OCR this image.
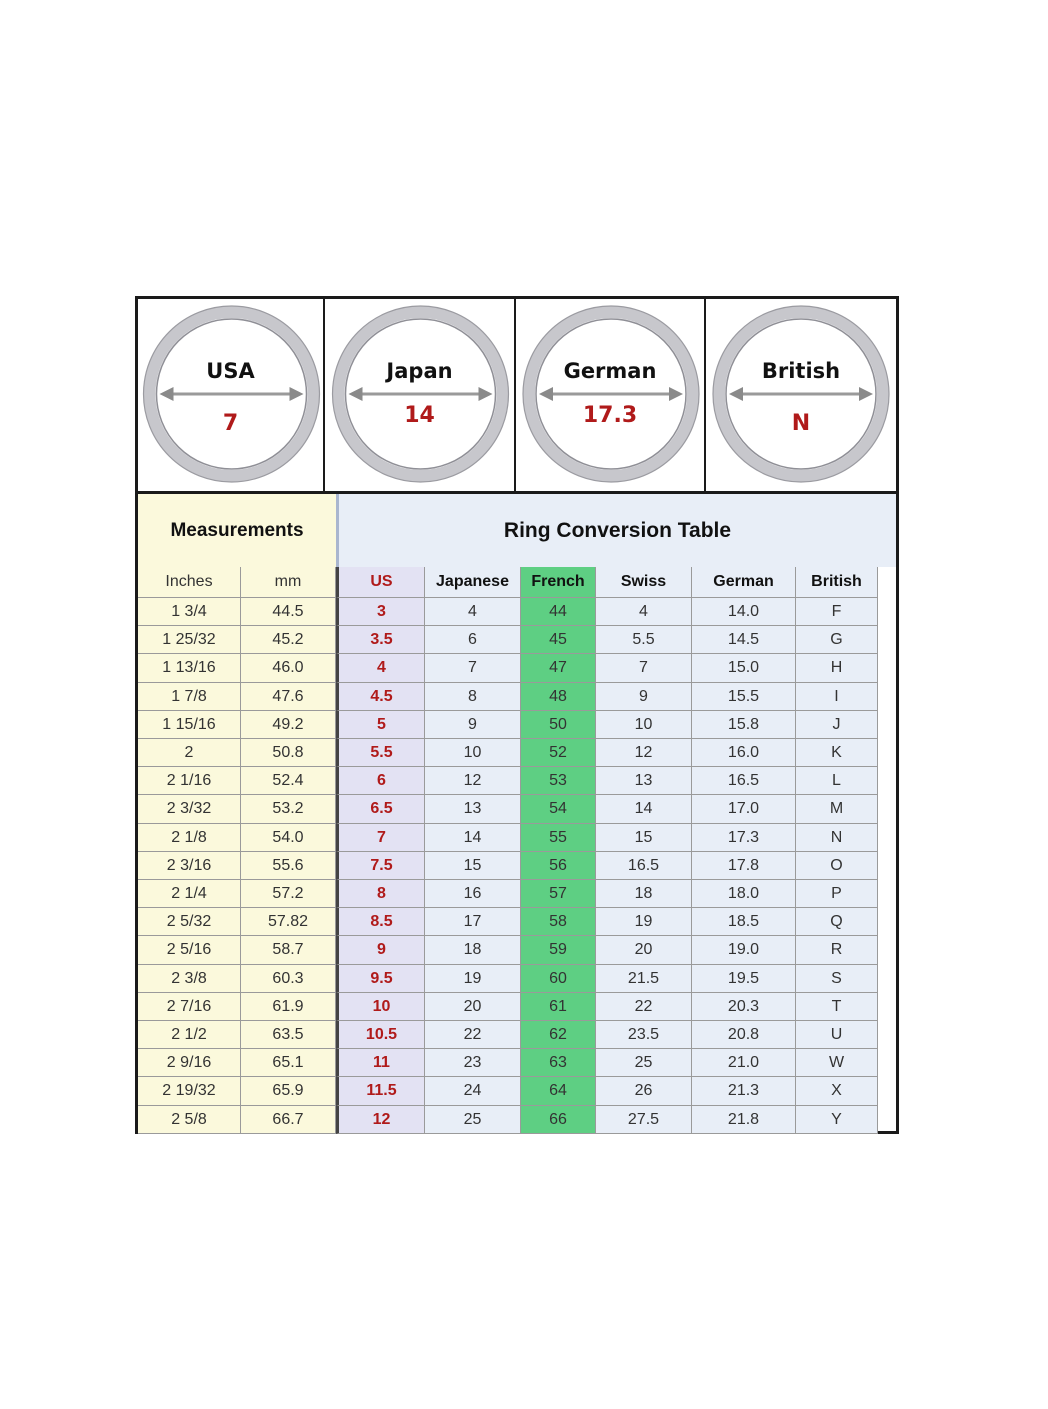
USA
7
Japan
14
German
17.3
British
N
Measurements	Ring Conversion Table
Inches	mm	US	Japanese	French	Swiss	German	British
1 3/4	44.5	3	4	44	4	14.0	F
1 25/32	45.2	3.5	6	45	5.5	14.5	G
1 13/16	46.0	4	7	47	7	15.0	H
1 7/8	47.6	4.5	8	48	9	15.5	I
1 15/16	49.2	5	9	50	10	15.8	J
2	50.8	5.5	10	52	12	16.0	K
2 1/16	52.4	6	12	53	13	16.5	L
2 3/32	53.2	6.5	13	54	14	17.0	M
2 1/8	54.0	7	14	55	15	17.3	N
2 3/16	55.6	7.5	15	56	16.5	17.8	O
2 1/4	57.2	8	16	57	18	18.0	P
2 5/32	57.82	8.5	17	58	19	18.5	Q
2 5/16	58.7	9	18	59	20	19.0	R
2 3/8	60.3	9.5	19	60	21.5	19.5	S
2 7/16	61.9	10	20	61	22	20.3	T
2 1/2	63.5	10.5	22	62	23.5	20.8	U
2 9/16	65.1	11	23	63	25	21.0	W
2 19/32	65.9	11.5	24	64	26	21.3	X
2 5/8	66.7	12	25	66	27.5	21.8	Y
